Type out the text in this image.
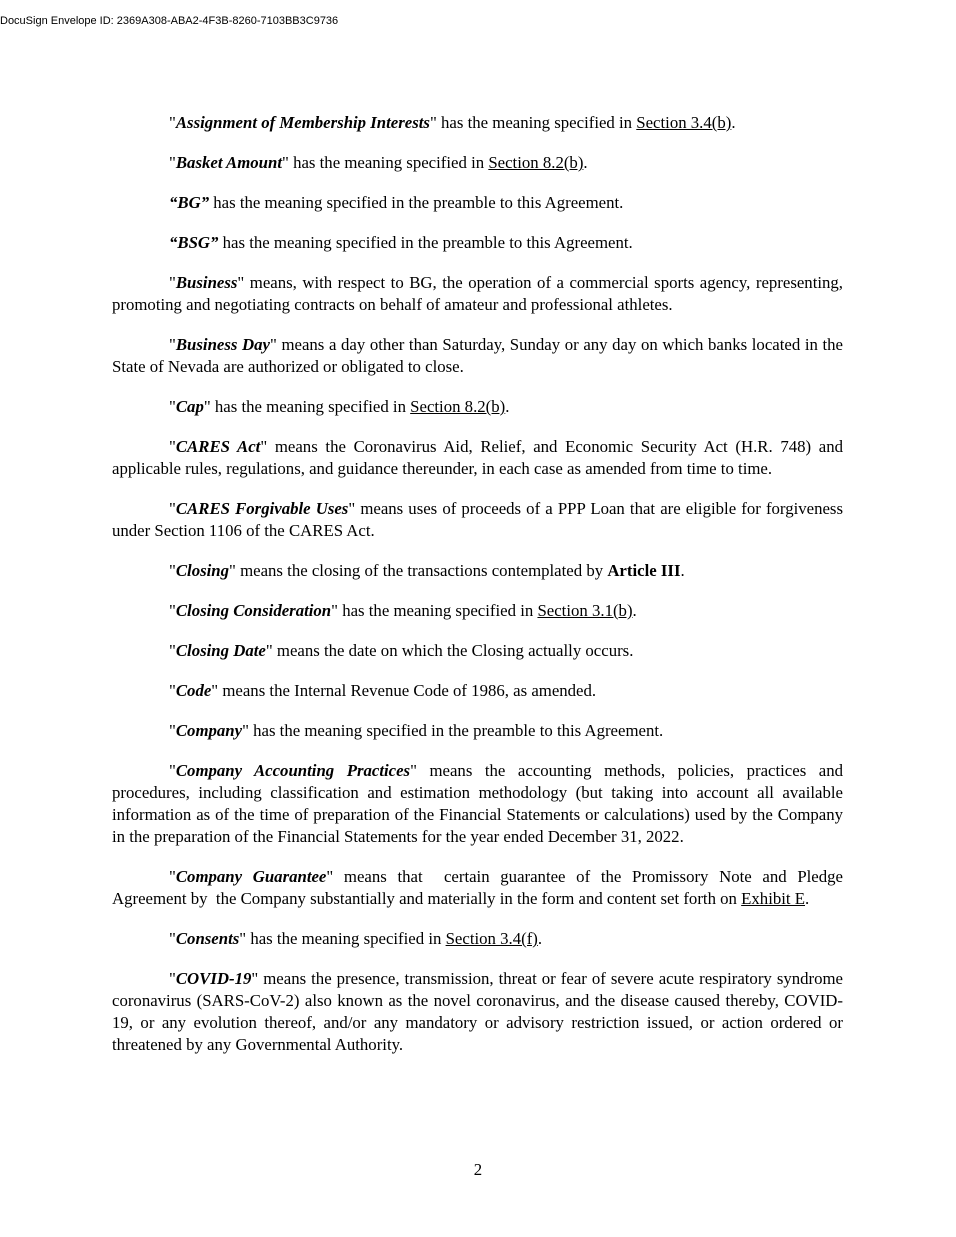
DocuSign Envelope ID: 2369A308-ABA2-4F3B-8260-7103BB3C9736

"Assignment of Membership Interests" has the meaning specified in Section 3.4(b).

"Basket Amount" has the meaning specified in Section 8.2(b).

“BG” has the meaning specified in the preamble to this Agreement.

“BSG” has the meaning specified in the preamble to this Agreement.

"Business" means, with respect to BG, the operation of a commercial sports agency, representing, promoting and negotiating contracts on behalf of amateur and professional athletes.

"Business Day" means a day other than Saturday, Sunday or any day on which banks located in the State of Nevada are authorized or obligated to close.

"Cap" has the meaning specified in Section 8.2(b).

"CARES Act" means the Coronavirus Aid, Relief, and Economic Security Act (H.R. 748) and applicable rules, regulations, and guidance thereunder, in each case as amended from time to time.

"CARES Forgivable Uses" means uses of proceeds of a PPP Loan that are eligible for forgiveness under Section 1106 of the CARES Act.

"Closing" means the closing of the transactions contemplated by Article III.

"Closing Consideration" has the meaning specified in Section 3.1(b).

"Closing Date" means the date on which the Closing actually occurs.

"Code" means the Internal Revenue Code of 1986, as amended.

"Company" has the meaning specified in the preamble to this Agreement.

"Company Accounting Practices" means the accounting methods, policies, practices and procedures, including classification and estimation methodology (but taking into account all available information as of the time of preparation of the Financial Statements or calculations) used by the Company in the preparation of the Financial Statements for the year ended December 31, 2022.

"Company Guarantee" means that  certain guarantee of the Promissory Note and Pledge Agreement by  the Company substantially and materially in the form and content set forth on Exhibit E.

"Consents" has the meaning specified in Section 3.4(f).

"COVID-19" means the presence, transmission, threat or fear of severe acute respiratory syndrome coronavirus (SARS-CoV-2) also known as the novel coronavirus, and the disease caused thereby, COVID-19, or any evolution thereof, and/or any mandatory or advisory restriction issued, or action ordered or threatened by any Governmental Authority.

2
